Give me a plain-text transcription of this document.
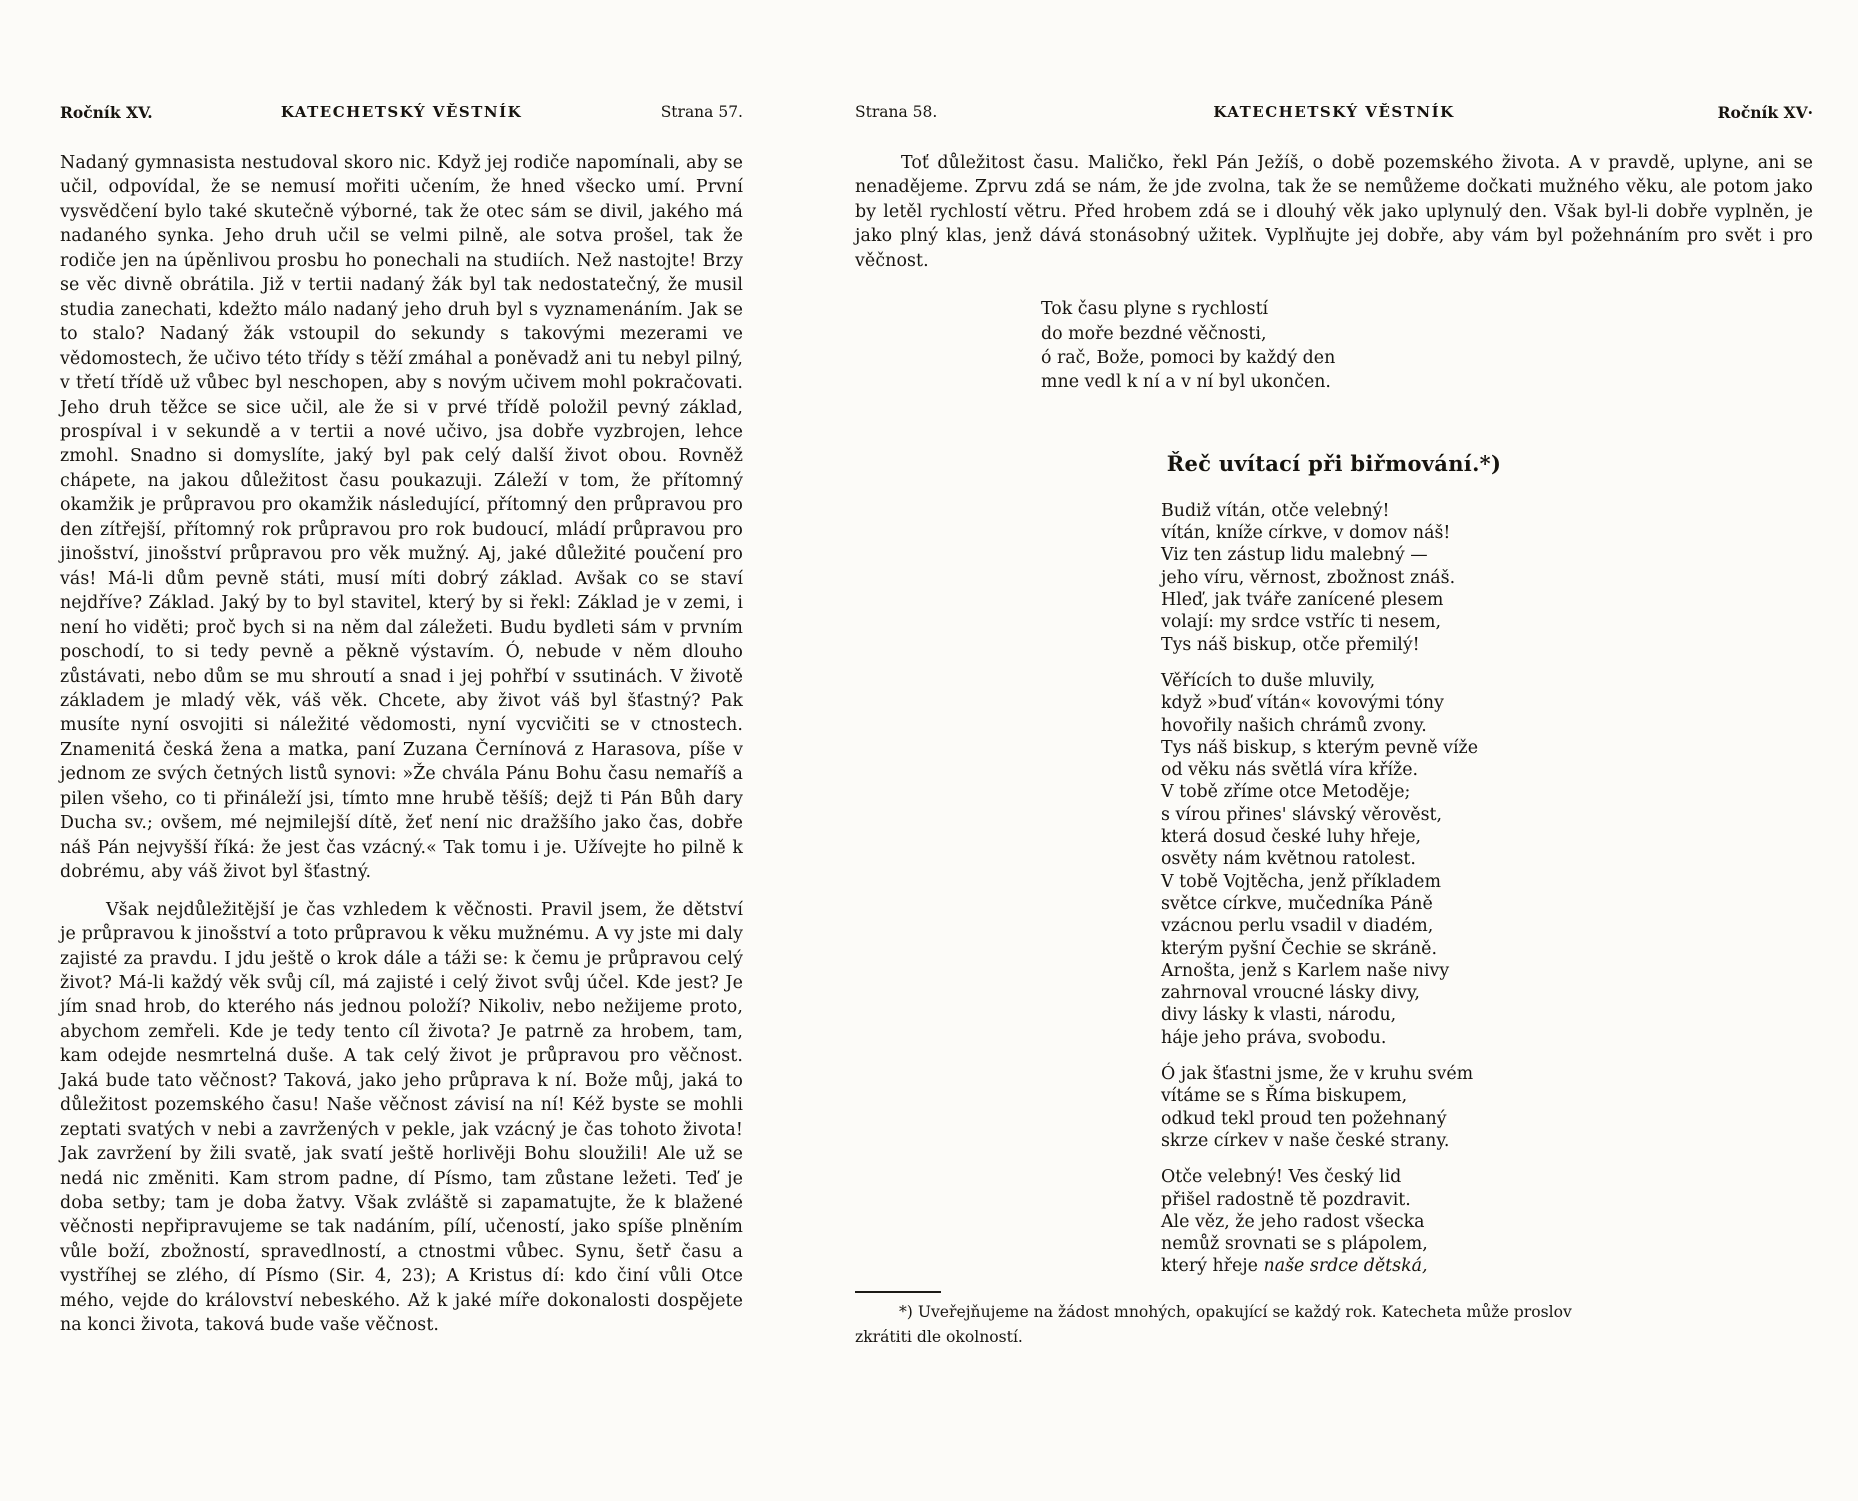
Ročník XV.	KATECHETSKÝ VĚSTNÍK	Strana 57.

Nadaný gymnasista nestudoval skoro nic. Když jej rodiče napomínali, aby se učil, odpovídal, že se nemusí mořiti učením, že hned všecko umí. První vysvědčení bylo také skutečně výborné, tak že otec sám se divil, jakého má nadaného synka. Jeho druh učil se velmi pilně, ale sotva prošel, tak že rodiče jen na úpěnlivou prosbu ho ponechali na studiích. Než nastojte! Brzy se věc divně obrátila. Již v tertii nadaný žák byl tak nedostatečný, že musil studia zanechati, kdežto málo nadaný jeho druh byl s vyznamenáním. Jak se to stalo? Nadaný žák vstoupil do sekundy s takovými mezerami ve vědomostech, že učivo této třídy s těží zmáhal a poněvadž ani tu nebyl pilný, v třetí třídě už vůbec byl neschopen, aby s novým učivem mohl pokračovati. Jeho druh těžce se sice učil, ale že si v prvé třídě položil pevný základ, prospíval i v sekundě a v tertii a nové učivo, jsa dobře vyzbrojen, lehce zmohl. Snadno si domyslíte, jaký byl pak celý další život obou. Rovněž chápete, na jakou důležitost času poukazuji. Záleží v tom, že přítomný okamžik je průpravou pro okamžik následující, přítomný den průpravou pro den zítřejší, přítomný rok průpravou pro rok budoucí, mládí průpravou pro jinošství, jinošství průpravou pro věk mužný. Aj, jaké důležité poučení pro vás! Má-li dům pevně státi, musí míti dobrý základ. Avšak co se staví nejdříve? Základ. Jaký by to byl stavitel, který by si řekl: Základ je v zemi, i není ho viděti; proč bych si na něm dal záležeti. Budu bydleti sám v prvním poschodí, to si tedy pevně a pěkně výstavím. Ó, nebude v něm dlouho zůstávati, nebo dům se mu shroutí a snad i jej pohřbí v ssutinách. V životě základem je mladý věk, váš věk. Chcete, aby život váš byl šťastný? Pak musíte nyní osvojiti si náležité vědomosti, nyní vycvičiti se v ctnostech. Znamenitá česká žena a matka, paní Zuzana Černínová z Harasova, píše v jednom ze svých četných listů synovi: »Že chvála Pánu Bohu času nemaříš a pilen všeho, co ti přináleží jsi, tímto mne hrubě těšíš; dejž ti Pán Bůh dary Ducha sv.; ovšem, mé nejmilejší dítě, žeť není nic dražšího jako čas, dobře náš Pán nejvyšší říká: že jest čas vzácný.« Tak tomu i je. Užívejte ho pilně k dobrému, aby váš život byl šťastný.

Však nejdůležitější je čas vzhledem k věčnosti. Pravil jsem, že dětství je průpravou k jinošství a toto průpravou k věku mužnému. A vy jste mi daly zajisté za pravdu. I jdu ještě o krok dále a táži se: k čemu je průpravou celý život? Má-li každý věk svůj cíl, má zajisté i celý život svůj účel. Kde jest? Je jím snad hrob, do kterého nás jednou položí? Nikoliv, nebo nežijeme proto, abychom zemřeli. Kde je tedy tento cíl života? Je patrně za hrobem, tam, kam odejde nesmrtelná duše. A tak celý život je průpravou pro věčnost. Jaká bude tato věčnost? Taková, jako jeho průprava k ní. Bože můj, jaká to důležitost pozemského času! Naše věčnost závisí na ní! Kéž byste se mohli zeptati svatých v nebi a zavržených v pekle, jak vzácný je čas tohoto života! Jak zavržení by žili svatě, jak svatí ještě horlivěji Bohu sloužili! Ale už se nedá nic změniti. Kam strom padne, dí Písmo, tam zůstane ležeti. Teď je doba setby; tam je doba žatvy. Však zvláště si zapamatujte, že k blažené věčnosti nepřipravujeme se tak nadáním, pílí, učeností, jako spíše plněním vůle boží, zbožností, spravedlností, a ctnostmi vůbec. Synu, šetř času a vystříhej se zlého, dí Písmo (Sir. 4, 23); A Kristus dí: kdo činí vůli Otce mého, vejde do království nebeského. Až k jaké míře dokonalosti dospějete na konci života, taková bude vaše věčnost.

Strana 58.	KATECHETSKÝ VĚSTNÍK	Ročník XV·

Toť důležitost času. Maličko, řekl Pán Ježíš, o době pozemského života. A v pravdě, uplyne, ani se nenadějeme. Zprvu zdá se nám, že jde zvolna, tak že se nemůžeme dočkati mužného věku, ale potom jako by letěl rychlostí větru. Před hrobem zdá se i dlouhý věk jako uplynulý den. Však byl-li dobře vyplněn, je jako plný klas, jenž dává stonásobný užitek. Vyplňujte jej dobře, aby vám byl požehnáním pro svět i pro věčnost.

Tok času plyne s rychlostí
do moře bezdné věčnosti,
ó rač, Bože, pomoci by každý den
mne vedl k ní a v ní byl ukončen.
Řeč uvítací při biřmování.*)
Budiž vítán, otče velebný!
vítán, kníže církve, v domov náš!
Viz ten zástup lidu malebný —
jeho víru, věrnost, zbožnost znáš.
Hleď, jak tváře zanícené plesem
volají: my srdce vstříc ti nesem,
Tys náš biskup, otče přemilý!
Věřících to duše mluvily,
když »buď vítán« kovovými tóny
hovořily našich chrámů zvony.
Tys náš biskup, s kterým pevně víže
od věku nás světlá víra kříže.
V tobě zříme otce Metoděje;
s vírou přines' slávský věrověst,
která dosud české luhy hřeje,
osvěty nám květnou ratolest.
V tobě Vojtěcha, jenž příkladem
světce církve, mučedníka Páně
vzácnou perlu vsadil v diadém,
kterým pyšní Čechie se skráně.
Arnošta, jenž s Karlem naše nivy
zahrnoval vroucné lásky divy,
divy lásky k vlasti, národu,
háje jeho práva, svobodu.
Ó jak šťastni jsme, že v kruhu svém
vítáme se s Říma biskupem,
odkud tekl proud ten požehnaný
skrze církev v naše české strany.
Otče velebný! Ves český lid
přišel radostně tě pozdravit.
Ale věz, že jeho radost všecka
nemůž srovnati se s plápolem,
který hřeje naše srdce dětská,

*) Uveřejňujeme na žádost mnohých, opakující se každý rok. Katecheta může proslov
zkrátiti dle okolností.
